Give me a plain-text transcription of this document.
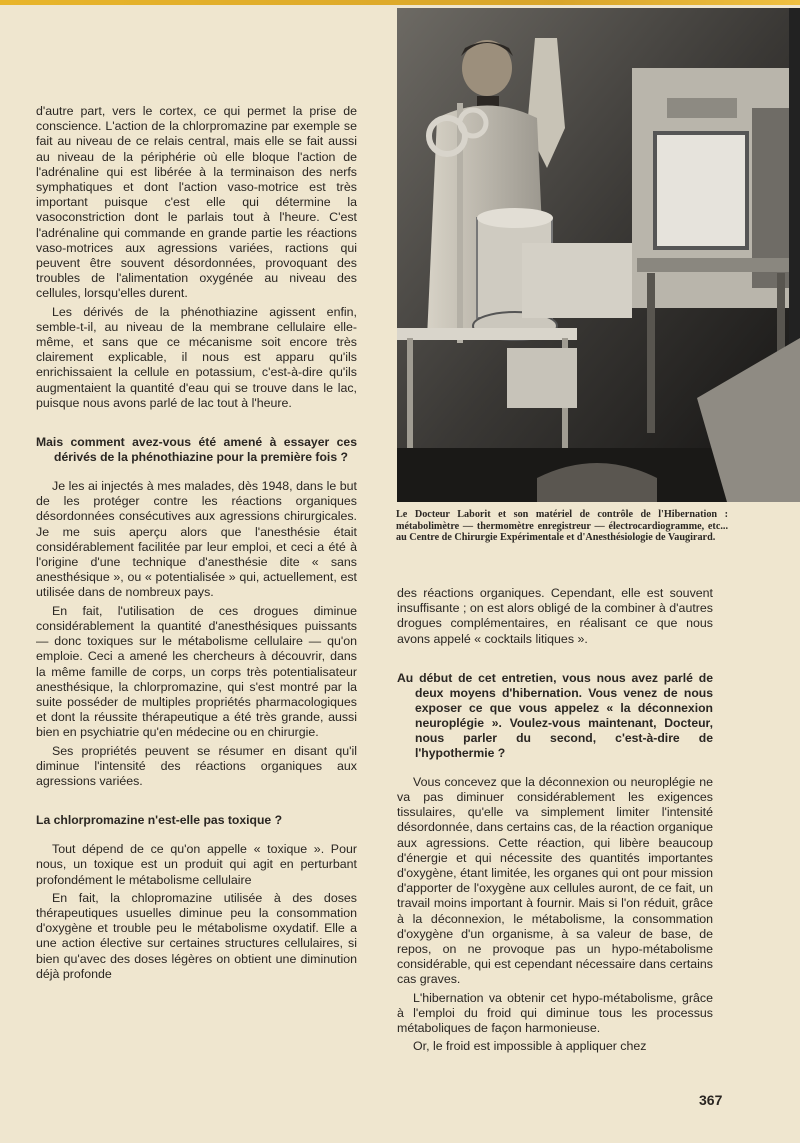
d'autre part, vers le cortex, ce qui permet la prise de conscience. L'action de la chlorpromazine par exemple se fait au niveau de ce relais central, mais elle se fait aussi au niveau de la périphérie où elle bloque l'action de l'adrénaline qui est libérée à la terminaison des nerfs symphatiques et dont l'action vaso-motrice est très important puisque c'est elle qui détermine la vasoconstriction dont le parlais tout à l'heure. C'est l'adrénaline qui commande en grande partie les réactions vaso-motrices aux agressions variées, ractions qui peuvent être souvent désordonnées, provoquant des troubles de l'alimentation oxygénée au niveau des cellules, lorsqu'elles durent.

Les dérivés de la phénothiazine agissent enfin, semble-t-il, au niveau de la membrane cellulaire elle-même, et sans que ce mécanisme soit encore très clairement explicable, il nous est apparu qu'ils enrichissaient la cellule en potassium, c'est-à-dire qu'ils augmentaient la quantité d'eau qui se trouve dans le lac, puisque nous avons parlé de lac tout à l'heure.

Mais comment avez-vous été amené à essayer ces dérivés de la phénothiazine pour la première fois ?

Je les ai injectés à mes malades, dès 1948, dans le but de les protéger contre les réactions organiques désordonnées consécutives aux agressions chirurgicales. Je me suis aperçu alors que l'anesthésie était considérablement facilitée par leur emploi, et ceci a été à l'origine d'une technique d'anesthésie dite « sans anesthésique », ou « potentialisée » qui, actuellement, est utilisée dans de nombreux pays.

En fait, l'utilisation de ces drogues diminue considérablement la quantité d'anesthésiques puissants — donc toxiques sur le métabolisme cellulaire — qu'on emploie. Ceci a amené les chercheurs à découvrir, dans la même famille de corps, un corps très potentialisateur anesthésique, la chlorpromazine, qui s'est montré par la suite posséder de multiples propriétés pharmacologiques et dont la réussite thérapeutique a été très grande, aussi bien en psychiatrie qu'en médecine ou en chirurgie.

Ses propriétés peuvent se résumer en disant qu'il diminue l'intensité des réactions organiques aux agressions variées.

La chlorpromazine n'est-elle pas toxique ?

Tout dépend de ce qu'on appelle « toxique ». Pour nous, un toxique est un produit qui agit en perturbant profondément le métabolisme cellulaire

En fait, la chlopromazine utilisée à des doses thérapeutiques usuelles diminue peu la consommation d'oxygène et trouble peu le métabolisme oxydatif. Elle a une action élective sur certaines structures cellulaires, si bien qu'avec des doses légères on obtient une diminution déjà profonde

Le Docteur Laborit et son matériel de contrôle de l'Hibernation : métabolimètre — thermomètre enregistreur — électrocardiogramme, etc... au Centre de Chirurgie Expérimentale et d'Anesthésiologie de Vaugirard.

des réactions organiques. Cependant, elle est souvent insuffisante ; on est alors obligé de la combiner à d'autres drogues complémentaires, en réalisant ce que nous avons appelé « cocktails litiques ».

Au début de cet entretien, vous nous avez parlé de deux moyens d'hibernation. Vous venez de nous exposer ce que vous appelez « la déconnexion neuroplégie ». Voulez-vous maintenant, Docteur, nous parler du second, c'est-à-dire de l'hypothermie ?

Vous concevez que la déconnexion ou neuroplégie ne va pas diminuer considérablement les exigences tissulaires, qu'elle va simplement limiter l'intensité désordonnée, dans certains cas, de la réaction organique aux agressions. Cette réaction, qui libère beaucoup d'énergie et qui nécessite des quantités importantes d'oxygène, étant limitée, les organes qui ont pour mission d'apporter de l'oxygène aux cellules auront, de ce fait, un travail moins important à fournir. Mais si l'on réduit, grâce à la déconnexion, le métabolisme, la consommation d'oxygène d'un organisme, à sa valeur de base, de repos, on ne provoque pas un hypo-métabolisme considérable, qui est cependant nécessaire dans certains cas graves.

L'hibernation va obtenir cet hypo-métabolisme, grâce à l'emploi du froid qui diminue tous les processus métaboliques de façon harmonieuse.

Or, le froid est impossible à appliquer chez

367
